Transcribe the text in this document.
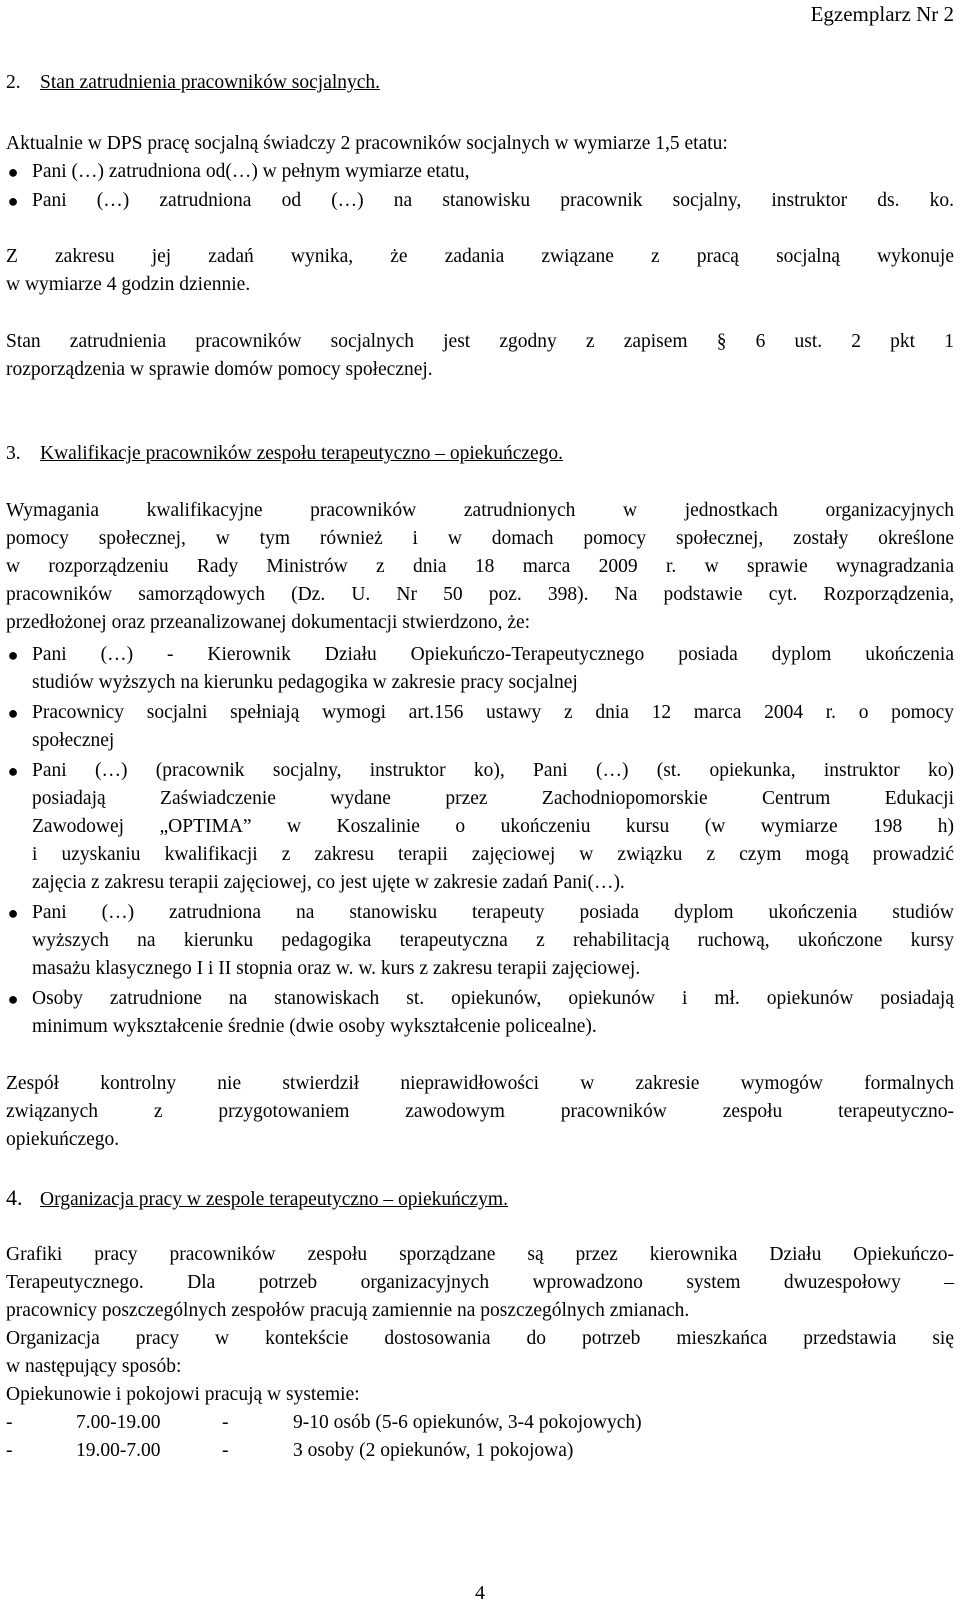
Egzemplarz Nr 2
2. Stan zatrudnienia pracowników socjalnych.
Aktualnie w DPS pracę socjalną świadczy 2 pracowników socjalnych w wymiarze 1,5 etatu:
● Pani (…) zatrudniona od(…) w pełnym wymiarze etatu,
● Pani (…) zatrudniona od (…) na stanowisku pracownik socjalny, instruktor ds. ko.
Z zakresu jej zadań wynika, że zadania związane z pracą socjalną wykonuje
w wymiarze 4 godzin dziennie.
Stan zatrudnienia pracowników socjalnych jest zgodny z zapisem § 6 ust. 2 pkt 1
rozporządzenia w sprawie domów pomocy społecznej.
3. Kwalifikacje pracowników zespołu terapeutyczno – opiekuńczego.
Wymagania kwalifikacyjne pracowników zatrudnionych w jednostkach organizacyjnych
pomocy społecznej, w tym również i w domach pomocy społecznej, zostały określone
w rozporządzeniu Rady Ministrów z dnia 18 marca 2009 r. w sprawie wynagradzania
pracowników samorządowych (Dz. U. Nr 50 poz. 398). Na podstawie cyt. Rozporządzenia,
przedłożonej oraz przeanalizowanej dokumentacji stwierdzono, że:
● Pani (…) - Kierownik Działu Opiekuńczo-Terapeutycznego posiada dyplom ukończenia
studiów wyższych na kierunku pedagogika w zakresie pracy socjalnej
● Pracownicy socjalni spełniają wymogi art.156 ustawy z dnia 12 marca 2004 r. o pomocy
społecznej
● Pani (…) (pracownik socjalny, instruktor ko), Pani (…) (st. opiekunka, instruktor ko)
posiadają Zaświadczenie wydane przez Zachodniopomorskie Centrum Edukacji
Zawodowej „OPTIMA” w Koszalinie o ukończeniu kursu (w wymiarze 198 h)
i uzyskaniu kwalifikacji z zakresu terapii zajęciowej w związku z czym mogą prowadzić
zajęcia z zakresu terapii zajęciowej, co jest ujęte w zakresie zadań Pani(…).
● Pani (…) zatrudniona na stanowisku terapeuty posiada dyplom ukończenia studiów
wyższych na kierunku pedagogika terapeutyczna z rehabilitacją ruchową, ukończone kursy
masażu klasycznego I i II stopnia oraz w. w. kurs z zakresu terapii zajęciowej.
● Osoby zatrudnione na stanowiskach st. opiekunów, opiekunów i mł. opiekunów posiadają
minimum wykształcenie średnie (dwie osoby wykształcenie policealne).
Zespół kontrolny nie stwierdził nieprawidłowości w zakresie wymogów formalnych
związanych z przygotowaniem zawodowym pracowników zespołu terapeutyczno-
opiekuńczego.
4. Organizacja pracy w zespole terapeutyczno – opiekuńczym.
Grafiki pracy pracowników zespołu sporządzane są przez kierownika Działu Opiekuńczo-
Terapeutycznego. Dla potrzeb organizacyjnych wprowadzono system dwuzespołowy –
pracownicy poszczególnych zespołów pracują zamiennie na poszczególnych zmianach.
Organizacja pracy w kontekście dostosowania do potrzeb mieszkańca przedstawia się
w następujący sposób:
Opiekunowie i pokojowi pracują w systemie:
-	7.00-19.00	-	9-10 osób (5-6 opiekunów, 3-4 pokojowych)
-	19.00-7.00	-	3 osoby (2 opiekunów, 1 pokojowa)
4
